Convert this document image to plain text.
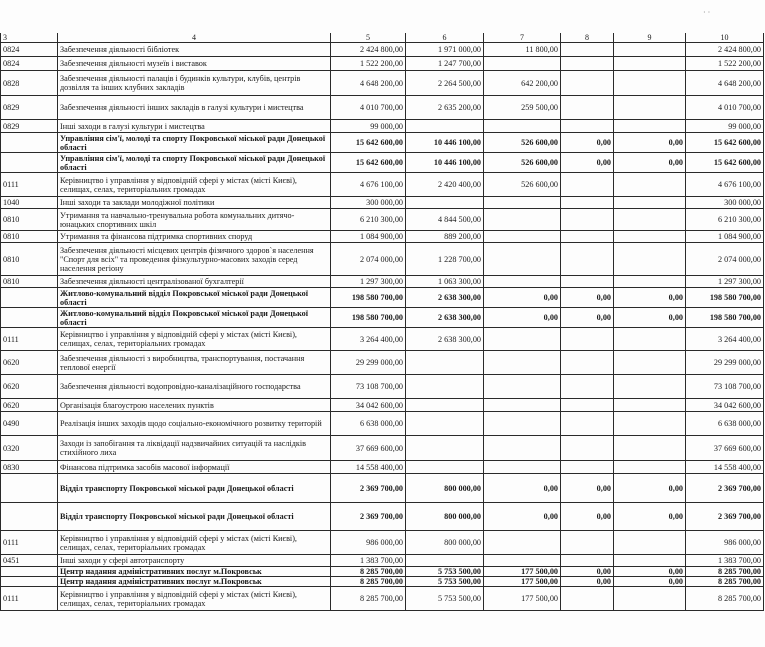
3	4	5	6	7	8	9	10
0824	Забезпечення діяльності бібліотек	2 424 800,00	1 971 000,00	11 800,00			2 424 800,00
0824	Забезпечення діяльності музеїв і виставок	1 522 200,00	1 247 700,00				1 522 200,00
0828	Забезпечення діяльності палаців і будинків культури, клубів, центрів дозвілля та інших клубних закладів	4 648 200,00	2 264 500,00	642 200,00			4 648 200,00
0829	Забезпечення діяльності інших закладів в галузі культури і мистецтва	4 010 700,00	2 635 200,00	259 500,00			4 010 700,00
0829	Інші заходи в галузі культури і мистецтва	99 000,00					99 000,00
	Управління сім'ї, молоді та спорту Покровської міської ради Донецької області	15 642 600,00	10 446 100,00	526 600,00	0,00	0,00	15 642 600,00
	Управління сім'ї, молоді та спорту Покровської міської ради Донецької області	15 642 600,00	10 446 100,00	526 600,00	0,00	0,00	15 642 600,00
0111	Керівництво і управління у відповідній сфері у містах (місті Києві), селищах, селах, територіальних громадах	4 676 100,00	2 420 400,00	526 600,00			4 676 100,00
1040	Інші заходи та заклади молодіжної політики	300 000,00					300 000,00
0810	Утримання та навчально-тренувальна робота комунальних дитячо-юнацьких спортивних шкіл	6 210 300,00	4 844 500,00				6 210 300,00
0810	Утримання та фінансова підтримка спортивних споруд	1 084 900,00	889 200,00				1 084 900,00
0810	Забезпечення діяльності місцевих центрів фізичного здоров`я населення "Спорт для всіх" та проведення фізкультурно-масових заходів серед населення регіону	2 074 000,00	1 228 700,00				2 074 000,00
0810	Забезпечення діяльності централізованої бухгалтерії	1 297 300,00	1 063 300,00				1 297 300,00
	Житлово-комунальний відділ Покровської міської ради Донецької області	198 580 700,00	2 638 300,00	0,00	0,00	0,00	198 580 700,00
	Житлово-комунальний відділ Покровської міської ради Донецької області	198 580 700,00	2 638 300,00	0,00	0,00	0,00	198 580 700,00
0111	Керівництво і управління у відповідній сфері у містах (місті Києві), селищах, селах, територіальних громадах	3 264 400,00	2 638 300,00				3 264 400,00
0620	Забезпечення діяльності з виробництва, транспортування, постачання теплової енергії	29 299 000,00					29 299 000,00
0620	Забезпечення діяльності водопровідно-каналізаційного господарства	73 108 700,00					73 108 700,00
0620	Організація благоустрою населених пунктів	34 042 600,00					34 042 600,00
0490	Реалізація інших заходів щодо соціально-економічного розвитку територій	6 638 000,00					6 638 000,00
0320	Заходи із запобігання та ліквідації надзвичайних ситуацій та наслідків стихійного лиха	37 669 600,00					37 669 600,00
0830	Фінансова підтримка засобів масової інформації	14 558 400,00					14 558 400,00
	Відділ транспорту Покровської міської ради Донецької області	2 369 700,00	800 000,00	0,00	0,00	0,00	2 369 700,00
	Відділ транспорту Покровської міської ради Донецької області	2 369 700,00	800 000,00	0,00	0,00	0,00	2 369 700,00
0111	Керівництво і управління у відповідній сфері у містах (місті Києві), селищах, селах, територіальних громадах	986 000,00	800 000,00				986 000,00
0451	Інші заходи у сфері автотранспорту	1 383 700,00					1 383 700,00
	Центр надання адміністративних послуг м.Покровськ	8 285 700,00	5 753 500,00	177 500,00	0,00	0,00	8 285 700,00
	Центр надання адміністративних послуг м.Покровськ	8 285 700,00	5 753 500,00	177 500,00	0,00	0,00	8 285 700,00
0111	Керівництво і управління у відповідній сфері у містах (місті Києві), селищах, селах, територіальних громадах	8 285 700,00	5 753 500,00	177 500,00			8 285 700,00
· ·
